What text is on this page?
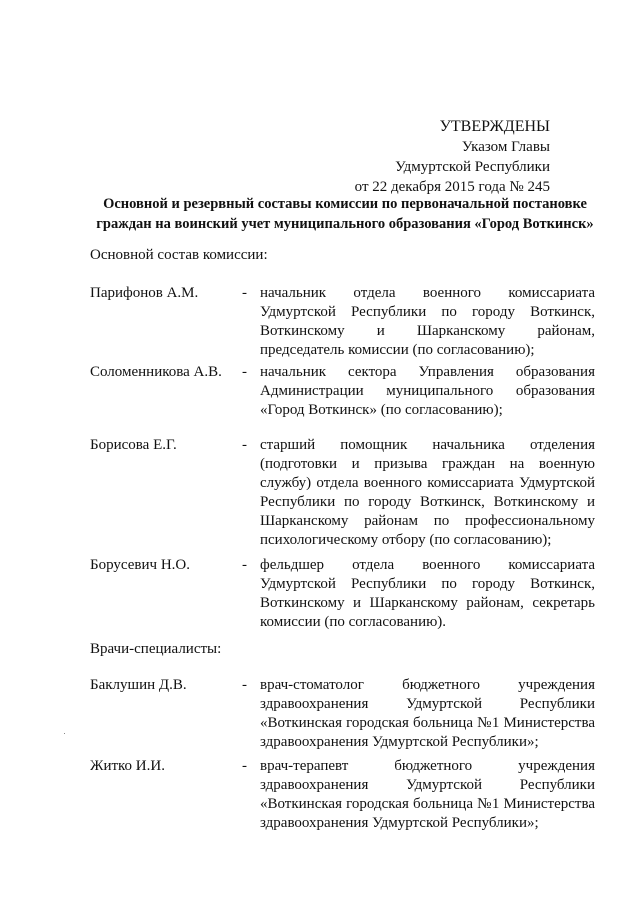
УТВЕРЖДЕНЫ
Указом Главы
Удмуртской Республики
от 22 декабря 2015 года № 245
Основной и резервный составы комиссии по первоначальной постановке
граждан на воинский учет муниципального образования «Город Воткинск»
Основной состав комиссии:
Парифонов А.М.	- начальник отдела военного комиссариата Удмуртской Республики по городу Воткинск, Воткинскому и Шарканскому районам, председатель комиссии (по согласованию);
Соломенникова А.В. - начальник сектора Управления образования Администрации муниципального образования «Город Воткинск» (по согласованию);
Борисова Е.Г.	- старший помощник начальника отделения (подготовки и призыва граждан на военную службу) отдела военного комиссариата Удмуртской Республики по городу Воткинск, Воткинскому и Шарканскому районам по профессиональному психологическому отбору (по согласованию);
Борусевич Н.О.	- фельдшер отдела военного комиссариата Удмуртской Республики по городу Воткинск, Воткинскому и Шарканскому районам, секретарь комиссии (по согласованию).
Врачи-специалисты:
Баклушин Д.В.	- врач-стоматолог бюджетного учреждения здравоохранения Удмуртской Республики «Воткинская городская больница №1 Министерства здравоохранения Удмуртской Республики»;
Житко И.И.	- врач-терапевт бюджетного учреждения здравоохранения Удмуртской Республики «Воткинская городская больница №1 Министерства здравоохранения Удмуртской Республики»;
